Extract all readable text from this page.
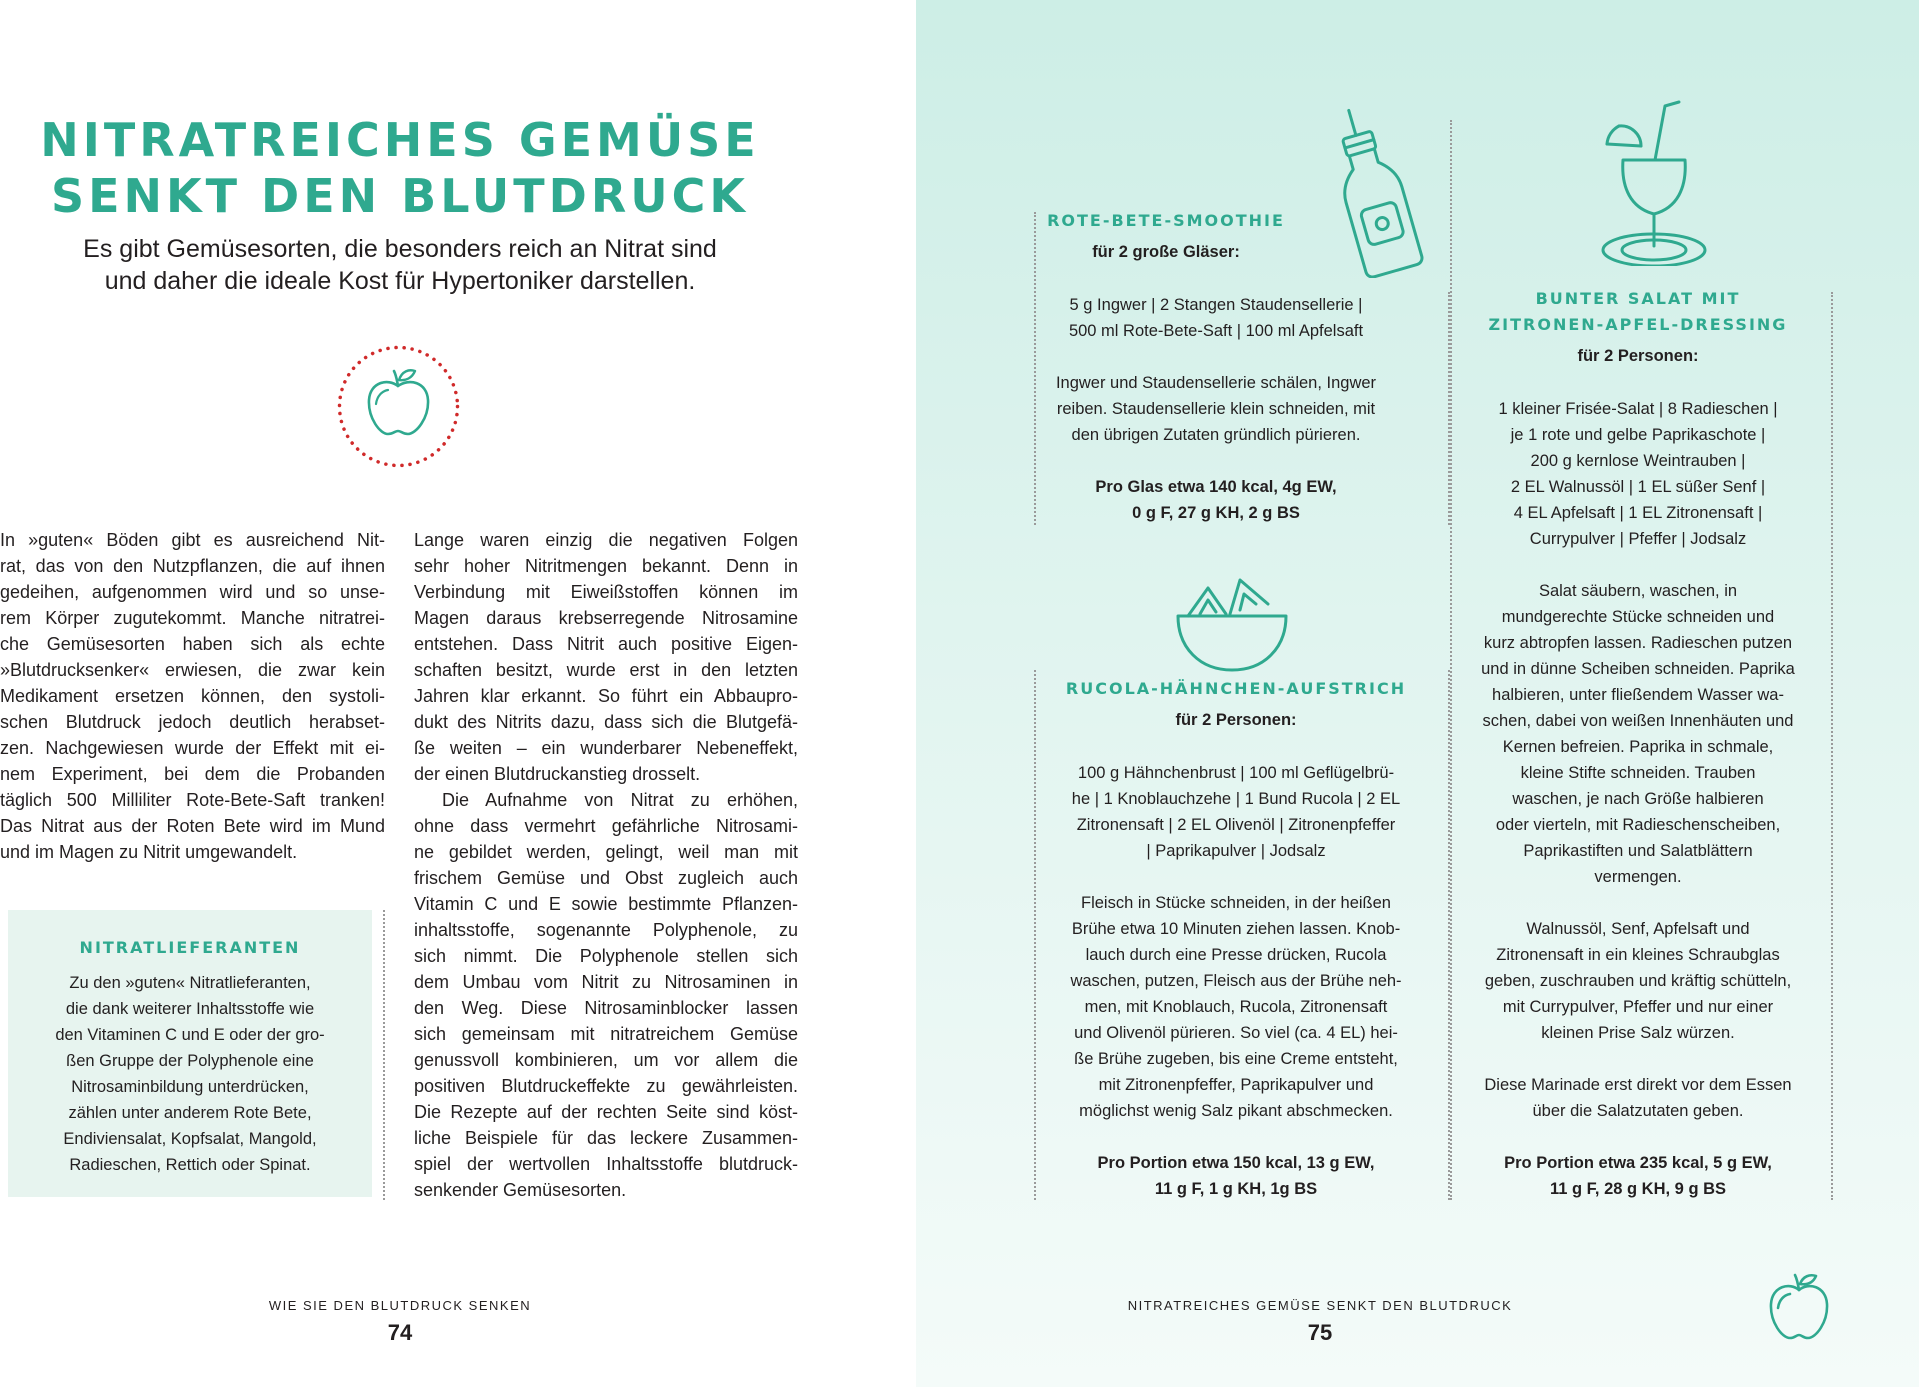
NITRATREICHES GEMÜSE
SENKT DEN BLUTDRUCK
Es gibt Gemüsesorten, die besonders reich an Nitrat sind
und daher die ideale Kost für Hypertoniker darstellen.
In »guten« Böden gibt es ausreichend Nit-
rat, das von den Nutzpflanzen, die auf ihnen
gedeihen, aufgenommen wird und so unse-
rem Körper zugutekommt. Manche nitratrei-
che Gemüsesorten haben sich als echte
»Blutdrucksenker« erwiesen, die zwar kein
Medikament ersetzen können, den systoli-
schen Blutdruck jedoch deutlich herabset-
zen. Nachgewiesen wurde der Effekt mit ei-
nem Experiment, bei dem die Probanden
täglich 500 Milliliter Rote-Bete-Saft tranken!
Das Nitrat aus der Roten Bete wird im Mund
und im Magen zu Nitrit umgewandelt.
NITRATLIEFERANTEN
Zu den »guten« Nitratlieferanten,
die dank weiterer Inhaltsstoffe wie
den Vitaminen C und E oder der gro-
ßen Gruppe der Polyphenole eine
Nitrosaminbildung unterdrücken,
zählen unter anderem Rote Bete,
Endiviensalat, Kopfsalat, Mangold,
Radieschen, Rettich oder Spinat.
Lange waren einzig die negativen Folgen
sehr hoher Nitritmengen bekannt. Denn in
Verbindung mit Eiweißstoffen können im
Magen daraus krebserregende Nitrosamine
entstehen. Dass Nitrit auch positive Eigen-
schaften besitzt, wurde erst in den letzten
Jahren klar erkannt. So führt ein Abbaupro-
dukt des Nitrits dazu, dass sich die Blutgefä-
ße weiten – ein wunderbarer Nebeneffekt,
der einen Blutdruckanstieg drosselt.
Die Aufnahme von Nitrat zu erhöhen,
ohne dass vermehrt gefährliche Nitrosami-
ne gebildet werden, gelingt, weil man mit
frischem Gemüse und Obst zugleich auch
Vitamin C und E sowie bestimmte Pflanzen-
inhaltsstoffe, sogenannte Polyphenole, zu
sich nimmt. Die Polyphenole stellen sich
dem Umbau vom Nitrit zu Nitrosaminen in
den Weg. Diese Nitrosaminblocker lassen
sich gemeinsam mit nitratreichem Gemüse
genussvoll kombinieren, um vor allem die
positiven Blutdruckeffekte zu gewährleisten.
Die Rezepte auf der rechten Seite sind köst-
liche Beispiele für das leckere Zusammen-
spiel der wertvollen Inhaltsstoffe blutdruck-
senkender Gemüsesorten.
WIE SIE DEN BLUTDRUCK SENKEN
74
ROTE-BETE-SMOOTHIE
für 2 große Gläser:
5 g Ingwer | 2 Stangen Staudensellerie |
500 ml Rote-Bete-Saft | 100 ml Apfelsaft
Ingwer und Staudensellerie schälen, Ingwer
reiben. Staudensellerie klein schneiden, mit
den übrigen Zutaten gründlich pürieren.
Pro Glas etwa 140 kcal, 4g EW,
0 g F, 27 g KH, 2 g BS
RUCOLA-HÄHNCHEN-AUFSTRICH
für 2 Personen:
100 g Hähnchenbrust | 100 ml Geflügelbrü-
he | 1 Knoblauchzehe | 1 Bund Rucola | 2 EL
Zitronensaft | 2 EL Olivenöl | Zitronenpfeffer
| Paprikapulver | Jodsalz
Fleisch in Stücke schneiden, in der heißen
Brühe etwa 10 Minuten ziehen lassen. Knob-
lauch durch eine Presse drücken, Rucola
waschen, putzen, Fleisch aus der Brühe neh-
men, mit Knoblauch, Rucola, Zitronensaft
und Olivenöl pürieren. So viel (ca. 4 EL) hei-
ße Brühe zugeben, bis eine Creme entsteht,
mit Zitronenpfeffer, Paprikapulver und
möglichst wenig Salz pikant abschmecken.
Pro Portion etwa 150 kcal, 13 g EW,
11 g F, 1 g KH, 1g BS
BUNTER SALAT MIT
ZITRONEN-APFEL-DRESSING
für 2 Personen:
1 kleiner Frisée-Salat | 8 Radieschen |
je 1 rote und gelbe Paprikaschote |
200 g kernlose Weintrauben |
2 EL Walnussöl | 1 EL süßer Senf |
4 EL Apfelsaft | 1 EL Zitronensaft |
Currypulver | Pfeffer | Jodsalz
Salat säubern, waschen, in
mundgerechte Stücke schneiden und
kurz abtropfen lassen. Radieschen putzen
und in dünne Scheiben schneiden. Paprika
halbieren, unter fließendem Wasser wa-
schen, dabei von weißen Innenhäuten und
Kernen befreien. Paprika in schmale,
kleine Stifte schneiden. Trauben
waschen, je nach Größe halbieren
oder vierteln, mit Radieschenscheiben,
Paprikastiften und Salatblättern
vermengen.
Walnussöl, Senf, Apfelsaft und
Zitronensaft in ein kleines Schraubglas
geben, zuschrauben und kräftig schütteln,
mit Currypulver, Pfeffer und nur einer
kleinen Prise Salz würzen.
Diese Marinade erst direkt vor dem Essen
über die Salatzutaten geben.
Pro Portion etwa 235 kcal, 5 g EW,
11 g F, 28 g KH, 9 g BS
NITRATREICHES GEMÜSE SENKT DEN BLUTDRUCK
75
